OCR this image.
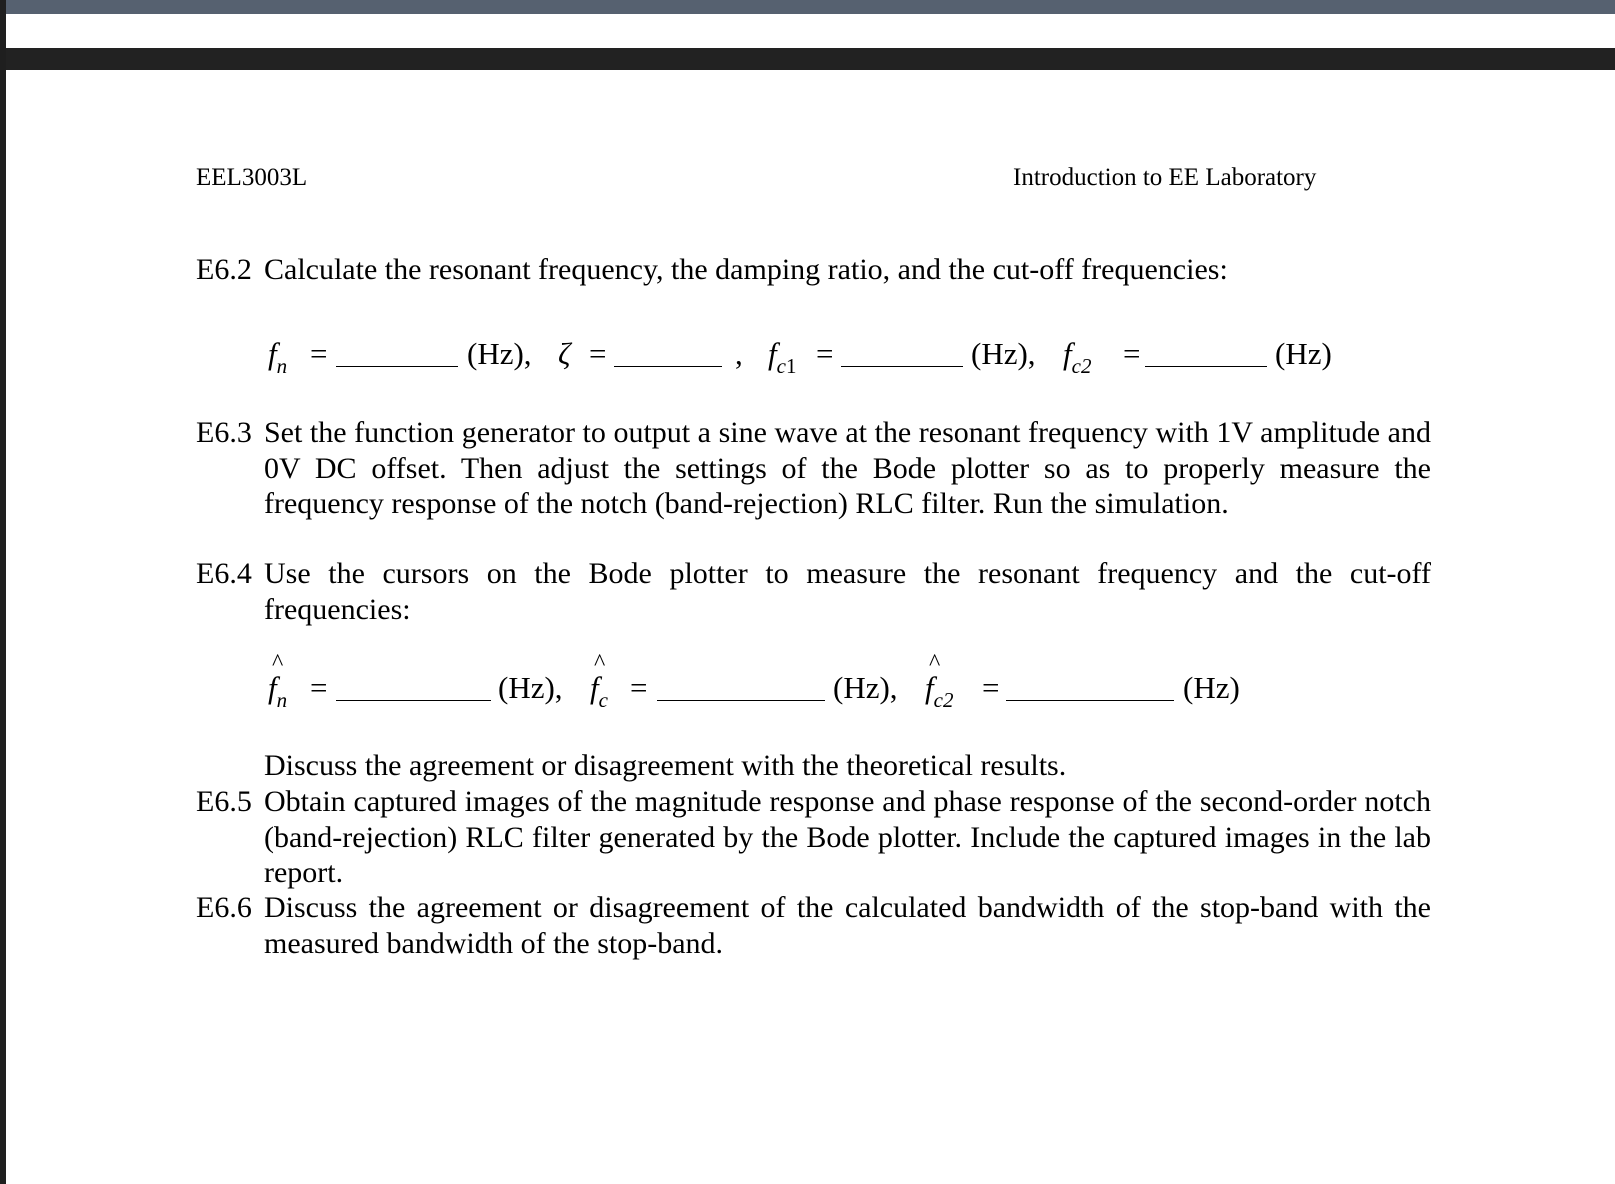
EEL3003L	Introduction to EE Laboratory
E6.2 Calculate the resonant frequency, the damping ratio, and the cut-off frequencies:
$f_n$ =	(Hz), ζ =	, $f_{c1}$ =	(Hz), $f_{c2}$ =	(Hz)
E6.3 Set the function generator to output a sine wave at the resonant frequency with 1V amplitude and 0V DC offset. Then adjust the settings of the Bode plotter so as to properly measure the frequency response of the notch (band-rejection) RLC filter. Run the simulation.
E6.4 Use the cursors on the Bode plotter to measure the resonant frequency and the cut-off frequencies:
^ $f_n$ =	(Hz), ^ $f_c$ =	(Hz), ^ $f_{c2}$ =	(Hz)
Discuss the agreement or disagreement with the theoretical results.
E6.5 Obtain captured images of the magnitude response and phase response of the second-order notch (band-rejection) RLC filter generated by the Bode plotter. Include the captured images in the lab report.
E6.6 Discuss the agreement or disagreement of the calculated bandwidth of the stop-band with the measured bandwidth of the stop-band.
